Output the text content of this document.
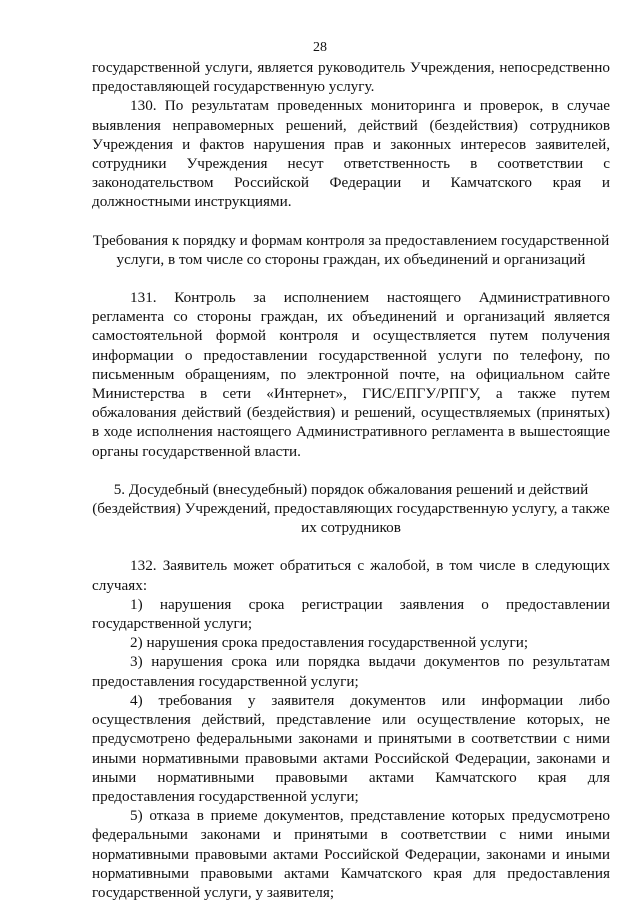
28

государственной услуги, является руководитель Учреждения, непосредственно предоставляющей государственную услугу.

130. По результатам проведенных мониторинга и проверок, в случае выявления неправомерных решений, действий (бездействия) сотрудников Учреждения и фактов нарушения прав и законных интересов заявителей, сотрудники Учреждения несут ответственность в соответствии с законодательством Российской Федерации и Камчатского края и должностными инструкциями.

Требования к порядку и формам контроля за предоставлением государственной услуги, в том числе со стороны граждан, их объединений и организаций

131. Контроль за исполнением настоящего Административного регламента со стороны граждан, их объединений и организаций является самостоятельной формой контроля и осуществляется путем получения информации о предоставлении государственной услуги по телефону, по письменным обращениям, по электронной почте, на официальном сайте Министерства в сети «Интернет», ГИС/ЕПГУ/РПГУ, а также путем обжалования действий (бездействия) и решений, осуществляемых (принятых) в ходе исполнения настоящего Административного регламента в вышестоящие органы государственной власти.

5. Досудебный (внесудебный) порядок обжалования решений и действий (бездействия) Учреждений, предоставляющих государственную услугу, а также их сотрудников

132. Заявитель может обратиться с жалобой, в том числе в следующих случаях:

1) нарушения срока регистрации заявления о предоставлении государственной услуги;

2) нарушения срока предоставления государственной услуги;

3) нарушения срока или порядка выдачи документов по результатам предоставления государственной услуги;

4) требования у заявителя документов или информации либо осуществления действий, представление или осуществление которых, не предусмотрено федеральными законами и принятыми в соответствии с ними иными нормативными правовыми актами Российской Федерации, законами и иными нормативными правовыми актами Камчатского края для предоставления государственной услуги;

5) отказа в приеме документов, представление которых предусмотрено федеральными законами и принятыми в соответствии с ними иными нормативными правовыми актами Российской Федерации, законами и иными нормативными правовыми актами Камчатского края для предоставления государственной услуги, у заявителя;
